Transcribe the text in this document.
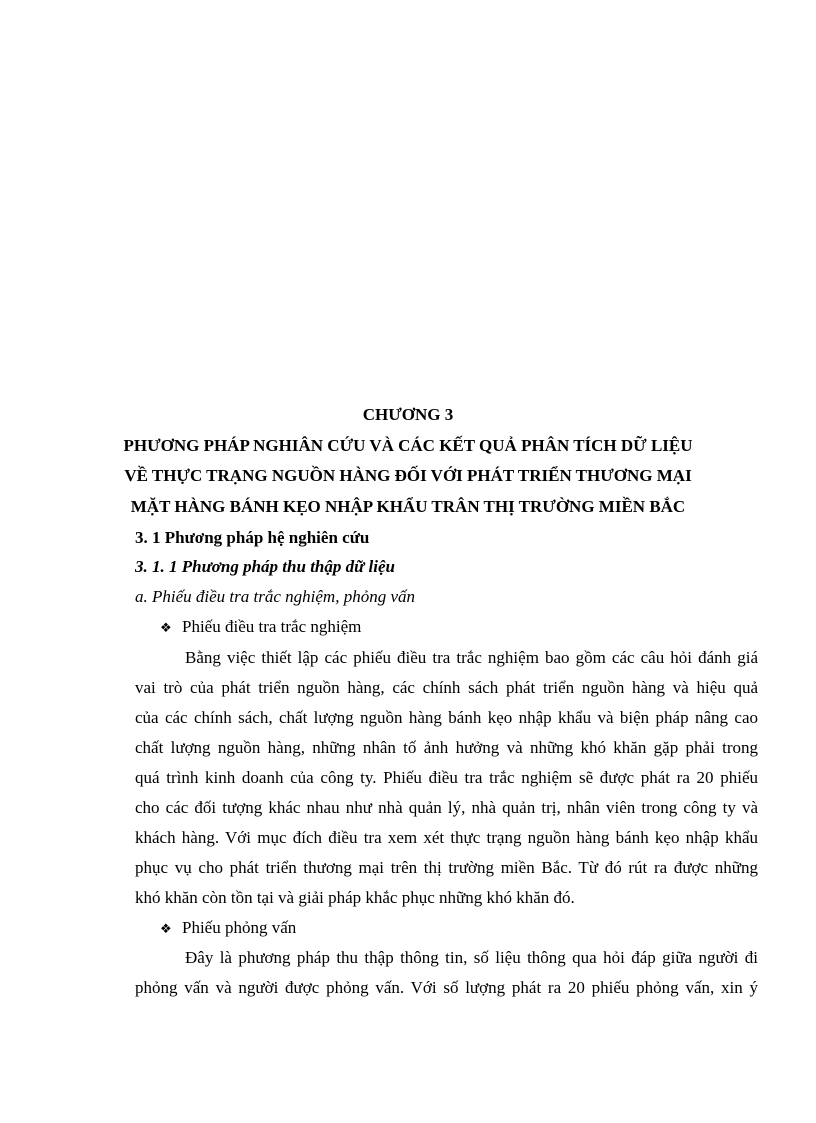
CHƯƠNG 3
PHƯƠNG PHÁP NGHIÂN CỨU VÀ CÁC KẾT QUẢ PHÂN TÍCH DỮ LIỆU
VỀ THỰC TRẠNG NGUỒN HÀNG ĐỐI VỚI PHÁT TRIỂN THƯƠNG MẠI
MẶT HÀNG BÁNH KẸO NHẬP KHẨU TRÂN THỊ TRƯỜNG MIỀN BẮC
3. 1 Phương pháp hệ nghiên cứu
3. 1. 1 Phương pháp thu thập dữ liệu
a. Phiếu điều tra trắc nghiệm, phỏng vấn
❖ Phiếu điều tra trắc nghiệm
Bằng việc thiết lập các phiếu điều tra trắc nghiệm bao gồm các câu hỏi đánh giá
vai trò của phát triển nguồn hàng, các chính sách phát triển nguồn hàng và hiệu quả
của các chính sách, chất lượng nguồn hàng bánh kẹo nhập khẩu và biện pháp nâng cao
chất lượng nguồn hàng, những nhân tố ảnh hưởng và những khó khăn gặp phải trong
quá trình kinh doanh của công ty. Phiếu điều tra trắc nghiệm sẽ được phát ra 20 phiếu
cho các đối tượng khác nhau như nhà quản lý, nhà quản trị, nhân viên trong công ty và
khách hàng. Với mục đích điều tra xem xét thực trạng nguồn hàng bánh kẹo nhập khẩu
phục vụ cho phát triển thương mại trên thị trường miền Bắc. Từ đó rút ra được những
khó khăn còn tồn tại và giải pháp khắc phục những khó khăn đó.
❖ Phiếu phỏng vấn
Đây là phương pháp thu thập thông tin, số liệu thông qua hỏi đáp giữa người đi
phỏng vấn và người được phỏng vấn. Với số lượng phát ra 20 phiếu phỏng vấn, xin ý
